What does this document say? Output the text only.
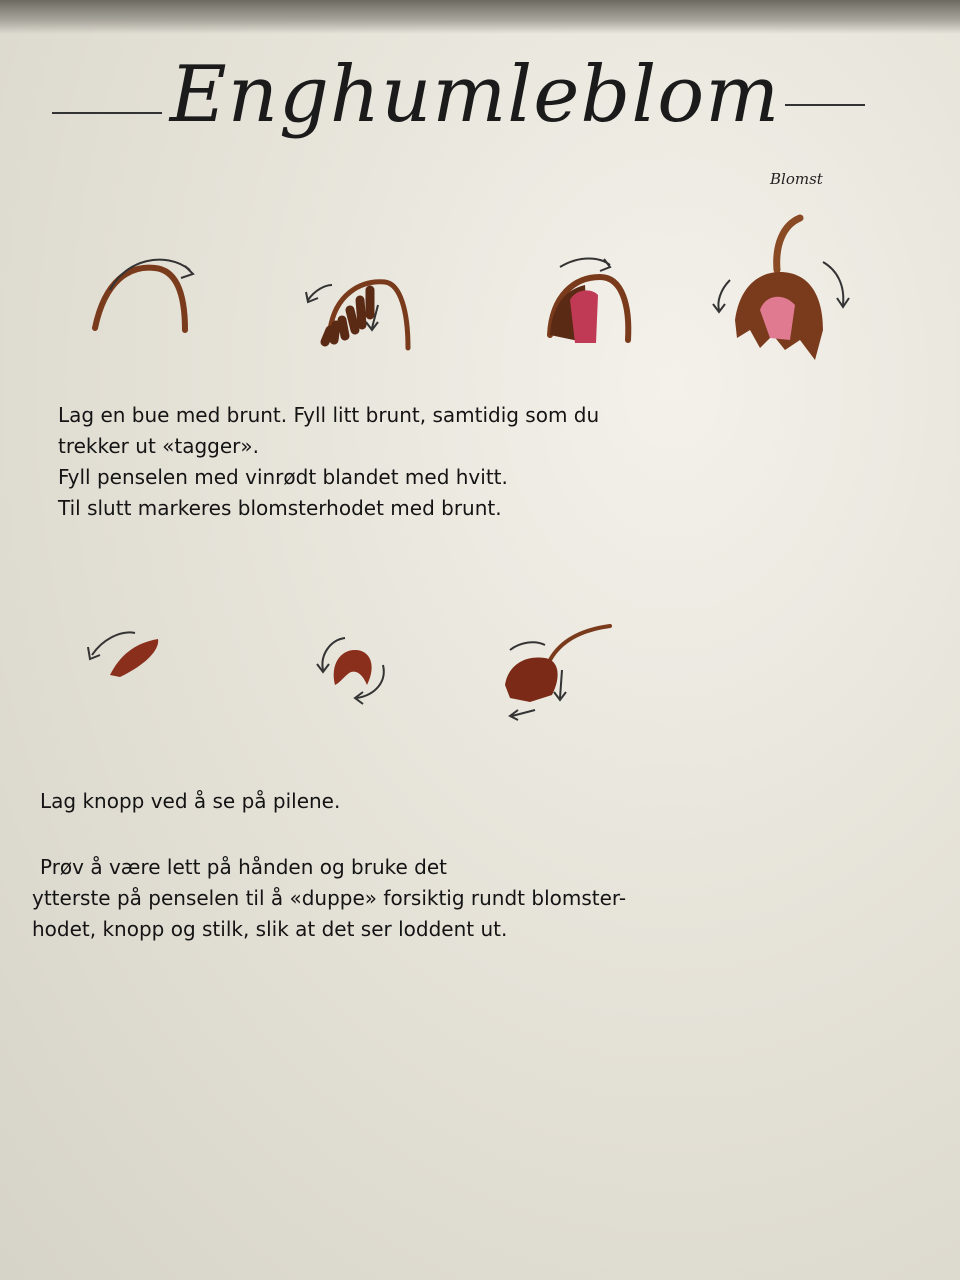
Enghumleblom
Blomst
Lag en bue med brunt. Fyll litt brunt, samtidig som du
trekker ut «tagger».
Fyll penselen med vinrødt blandet med hvitt.
Til slutt markeres blomsterhodet med brunt.
Lag knopp ved å se på pilene.
Prøv å være lett på hånden og bruke det
ytterste på penselen til å «duppe» forsiktig rundt blomster-
hodet, knopp og stilk, slik at det ser loddent ut.
